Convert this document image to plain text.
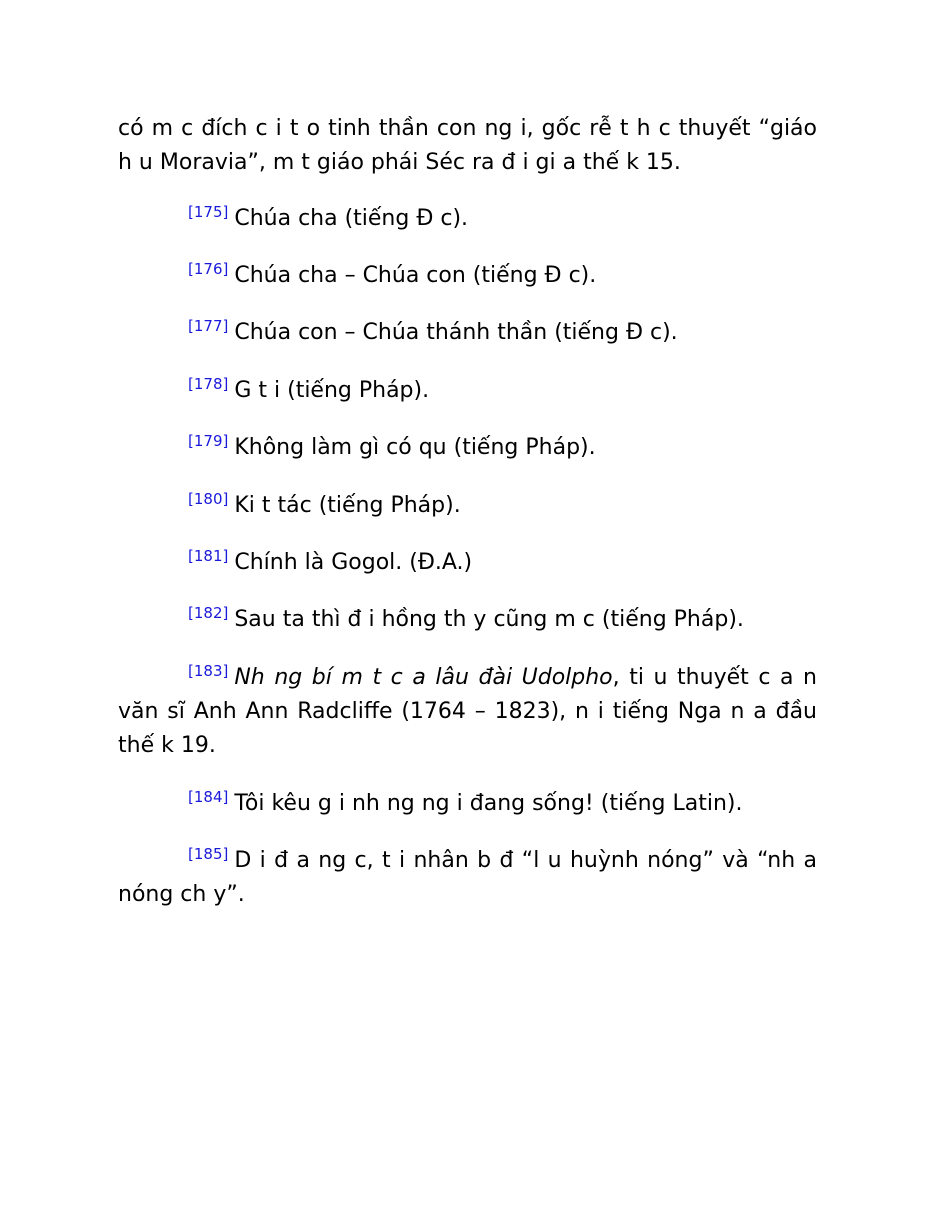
có m c đích c i t o tinh thần con ng i, gốc rễ t h c thuyết “giáo h u Moravia”, m t giáo phái Séc ra đ i gi a thế k 15.

[175] Chúa cha (tiếng Đ c).

[176] Chúa cha – Chúa con (tiếng Đ c).

[177] Chúa con – Chúa thánh thần (tiếng Đ c).

[178] G t i (tiếng Pháp).

[179] Không làm gì có qu (tiếng Pháp).

[180] Ki t tác (tiếng Pháp).

[181] Chính là Gogol. (Đ.A.)

[182] Sau ta thì đ i hồng th y cũng m c (tiếng Pháp).

[183] Nh ng bí m t c a lâu đài Udolpho, ti u thuyết c a n văn sĩ Anh Ann Radcliffe (1764 – 1823), n i tiếng Nga n a đầu thế k 19.

[184] Tôi kêu g i nh ng ng i đang sống! (tiếng Latin).

[185] D i đ a ng c, t i nhân b đ “l u huỳnh nóng” và “nh a nóng ch y”.
